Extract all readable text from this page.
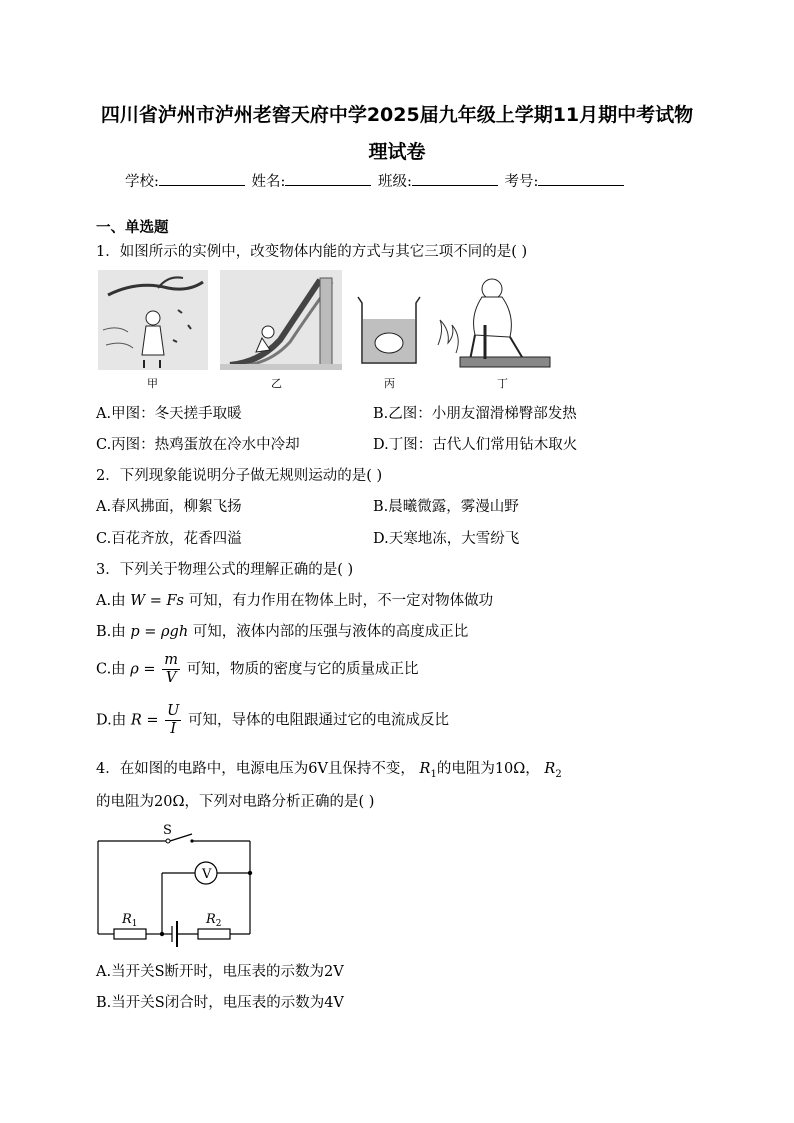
四川省泸州市泸州老窖天府中学2025届九年级上学期11月期中考试物
理试卷
学校:	姓名:	班级:	考号:
一、单选题
1．如图所示的实例中，改变物体内能的方式与其它三项不同的是( )
甲	乙	丙	丁
A.甲图：冬天搓手取暖	B.乙图：小朋友溜滑梯臀部发热
C.丙图：热鸡蛋放在冷水中冷却	D.丁图：古代人们常用钻木取火
2．下列现象能说明分子做无规则运动的是( )
A.春风拂面，柳絮飞扬	B.晨曦微露，雾漫山野
C.百花齐放，花香四溢	D.天寒地冻，大雪纷飞
3．下列关于物理公式的理解正确的是( )
A.由 W = Fs 可知，有力作用在物体上时，不一定对物体做功
B.由 p = ρgh 可知，液体内部的压强与液体的高度成正比
C.由 $\rho = \frac{m}{V}$ 可知，物质的密度与它的质量成正比
D.由 $R = \frac{U}{I}$ 可知，导体的电阻跟通过它的电流成反比
4．在如图的电路中，电源电压为6V且保持不变， $R_1$的电阻为10Ω， $R_2$
的电阻为20Ω，下列对电路分析正确的是( )
S
V
$R_1$	$R_2$
A.当开关S断开时，电压表的示数为2V
B.当开关S闭合时，电压表的示数为4V
